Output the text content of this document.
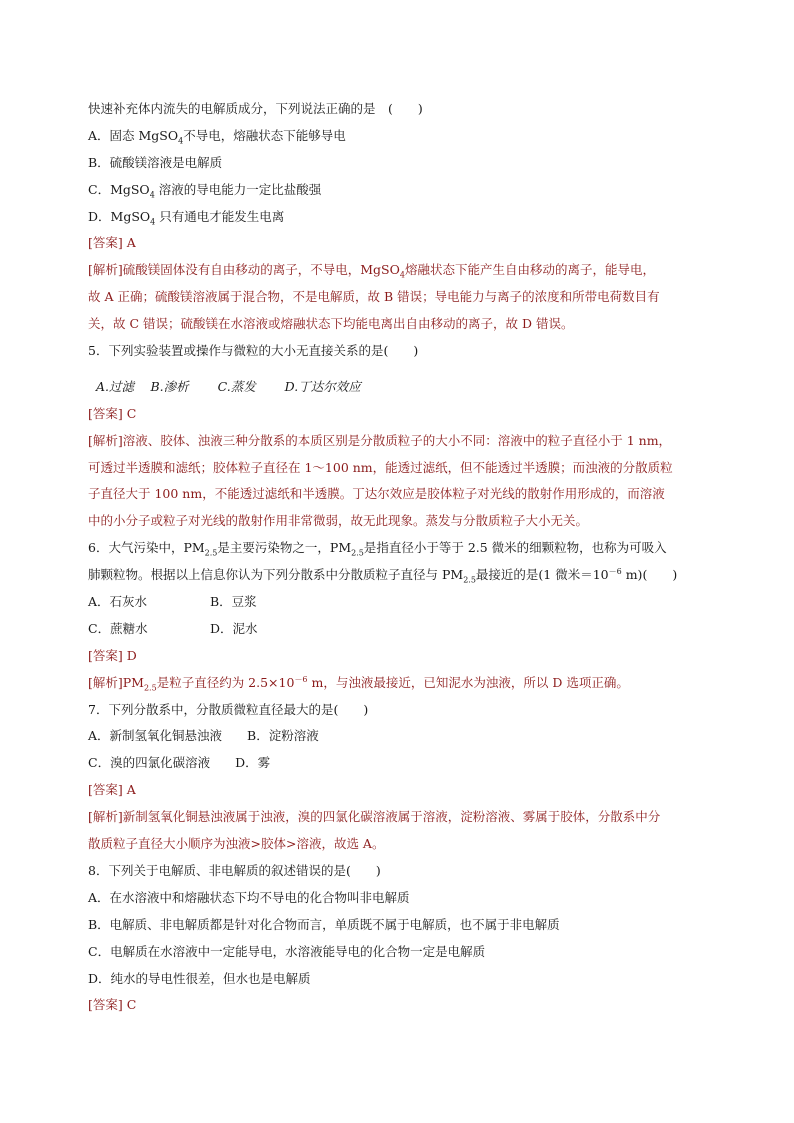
快速补充体内流失的电解质成分，下列说法正确的是　(　　)
A．固态 MgSO$_4$不导电，熔融状态下能够导电
B．硫酸镁溶液是电解质
C．MgSO$_4$ 溶液的导电能力一定比盐酸强
D．MgSO$_4$ 只有通电才能发生电离
[答案] A
[解析]硫酸镁固体没有自由移动的离子，不导电，MgSO$_4$熔融状态下能产生自由移动的离子，能导电，
故 A 正确；硫酸镁溶液属于混合物，不是电解质，故 B 错误；导电能力与离子的浓度和所带电荷数目有
关，故 C 错误；硫酸镁在水溶液或熔融状态下均能电离出自由移动的离子，故 D 错误。
5．下列实验装置或操作与微粒的大小无直接关系的是(　　)
A.过滤　 B.渗析　　 C.蒸发　　 D.丁达尔效应
[答案] C
[解析]溶液、胶体、浊液三种分散系的本质区别是分散质粒子的大小不同：溶液中的粒子直径小于 1 nm，
可透过半透膜和滤纸；胶体粒子直径在 1～100 nm，能透过滤纸，但不能透过半透膜；而浊液的分散质粒
子直径大于 100 nm，不能透过滤纸和半透膜。丁达尔效应是胶体粒子对光线的散射作用形成的，而溶液
中的小分子或粒子对光线的散射作用非常微弱，故无此现象。蒸发与分散质粒子大小无关。
6．大气污染中，$PM_{2.5}$是主要污染物之一，$PM_{2.5}$是指直径小于等于 2.5 微米的细颗粒物，也称为可吸入
肺颗粒物。根据以上信息你认为下列分散系中分散质粒子直径与 $PM_{2.5}$最接近的是(1 微米$=10^{-6}$ m)(　　)
A．石灰水	B．豆浆
C．蔗糖水	D．泥水
[答案] D
[解析]$PM_{2.5}$是粒子直径约为 $2.5\times 10^{-6}$ m，与浊液最接近，已知泥水为浊液，所以 D 选项正确。
7．下列分散系中，分散质微粒直径最大的是(　　)
A．新制氢氧化铜悬浊液　　B．淀粉溶液
C．溴的四氯化碳溶液　　D．雾
[答案] A
[解析]新制氢氧化铜悬浊液属于浊液，溴的四氯化碳溶液属于溶液，淀粉溶液、雾属于胶体，分散系中分
散质粒子直径大小顺序为浊液>胶体>溶液，故选 A。
8．下列关于电解质、非电解质的叙述错误的是(　　)
A．在水溶液中和熔融状态下均不导电的化合物叫非电解质
B．电解质、非电解质都是针对化合物而言，单质既不属于电解质，也不属于非电解质
C．电解质在水溶液中一定能导电，水溶液能导电的化合物一定是电解质
D．纯水的导电性很差，但水也是电解质
[答案] C
